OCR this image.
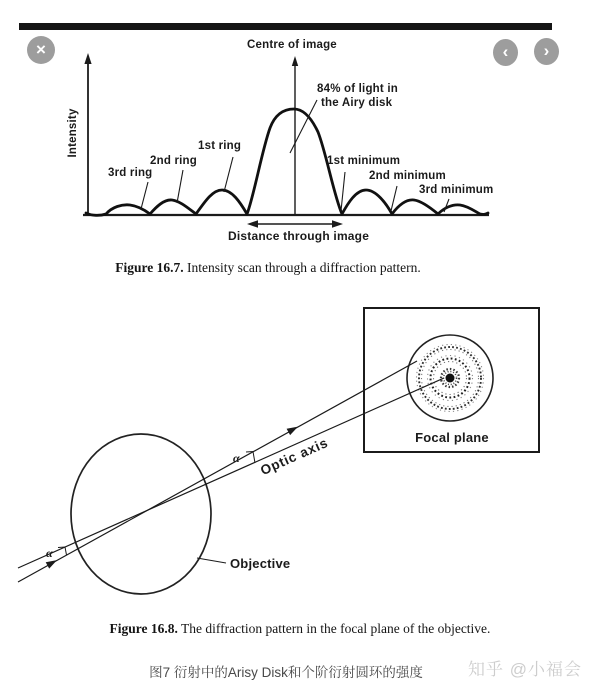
×	‹ ›
Centre of image
Intensity
84% of light in
the Airy disk
1st ring
2nd ring
3rd ring
1st minimum
2nd minimum
3rd minimum
Distance through image
Figure 16.7. Intensity scan through a diffraction pattern.
Focal plane
Optic axis
Objective
α
α
Figure 16.8. The diffraction pattern in the focal plane of the objective.
图7 衍射中的Arisy Disk和个阶衍射圆环的强度	知乎 @小福会
